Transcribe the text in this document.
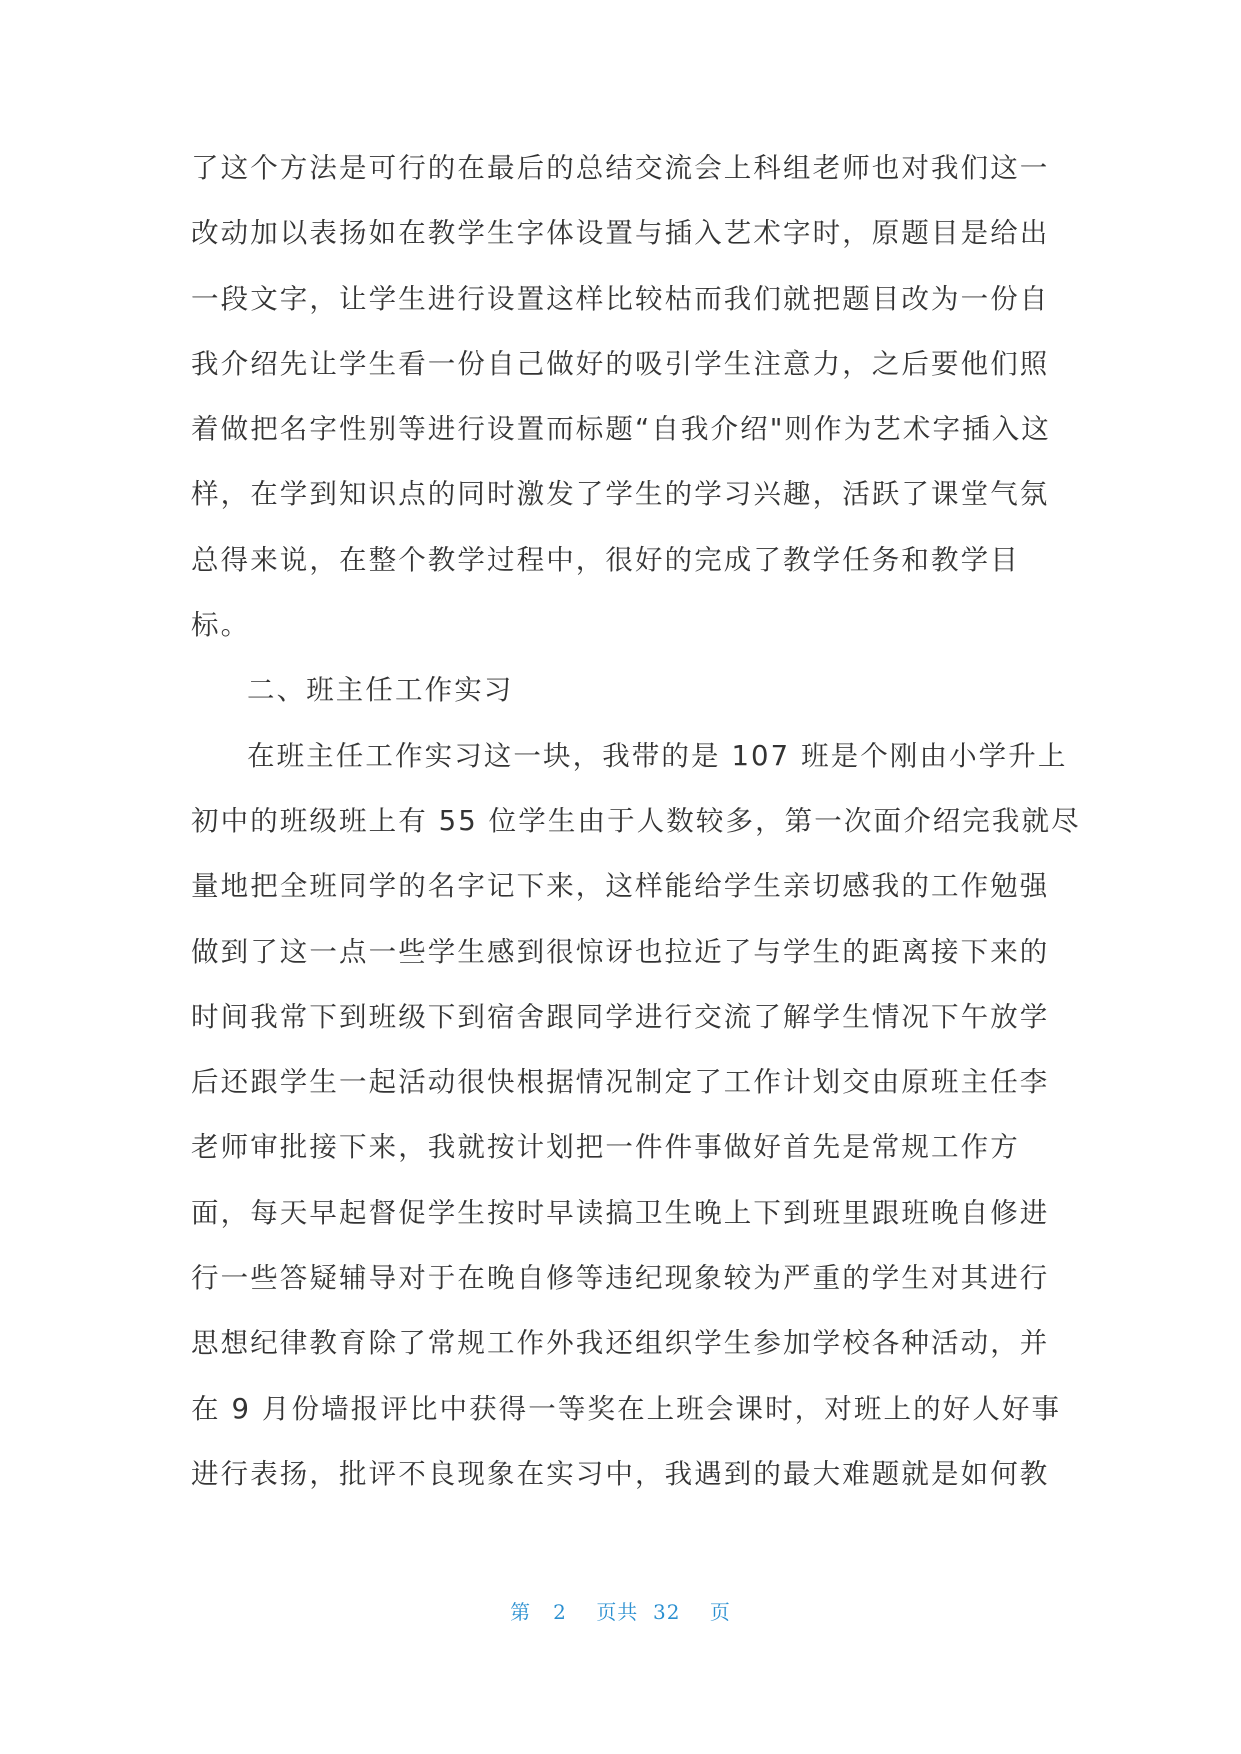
了这个方法是可行的在最后的总结交流会上科组老师也对我们这一
改动加以表扬如在教学生字体设置与插入艺术字时，原题目是给出
一段文字，让学生进行设置这样比较枯而我们就把题目改为一份自
我介绍先让学生看一份自己做好的吸引学生注意力，之后要他们照
着做把名字性别等进行设置而标题“自我介绍"则作为艺术字插入这
样，在学到知识点的同时激发了学生的学习兴趣，活跃了课堂气氛
总得来说，在整个教学过程中，很好的完成了教学任务和教学目
标。
二、班主任工作实习
在班主任工作实习这一块，我带的是 107 班是个刚由小学升上
初中的班级班上有 55 位学生由于人数较多，第一次面介绍完我就尽
量地把全班同学的名字记下来，这样能给学生亲切感我的工作勉强
做到了这一点一些学生感到很惊讶也拉近了与学生的距离接下来的
时间我常下到班级下到宿舍跟同学进行交流了解学生情况下午放学
后还跟学生一起活动很快根据情况制定了工作计划交由原班主任李
老师审批接下来，我就按计划把一件件事做好首先是常规工作方
面，每天早起督促学生按时早读搞卫生晚上下到班里跟班晚自修进
行一些答疑辅导对于在晚自修等违纪现象较为严重的学生对其进行
思想纪律教育除了常规工作外我还组织学生参加学校各种活动，并
在 9 月份墙报评比中获得一等奖在上班会课时，对班上的好人好事
进行表扬，批评不良现象在实习中，我遇到的最大难题就是如何教
第 2 页共 32 页
